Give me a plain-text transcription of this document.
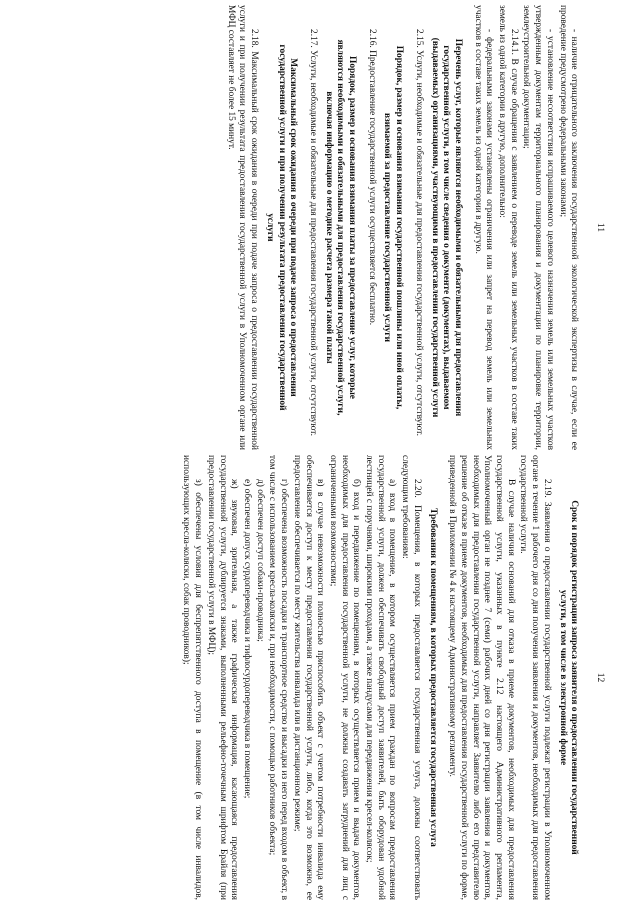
11

- наличие отрицательного заключения государственной экологической экспертизы в случае, если ее проведение предусмотрено федеральными законами;

- установление несоответствия испрашиваемого целевого назначения земель или земельных участков утвержденным документам территориального планирования и документации по планировке территории, землеустроительной документации;

2.14.1. В случае обращения с заявлением о переводе земель или земельных участков в составе таких земель из одной категории в другую, дополнительно:

- федеральными законами установлены ограничения или запрет на перевод земель или земельных участков в составе таких земель из одной категории в другую.

Перечень услуг, которые являются необходимыми и обязательными для предоставления государственной услуги, в том числе сведения о документе (документах), выдаваемом (выдаваемых) организациями, участвующими в предоставлении государственной услуги

2.15. Услуги, необходимые и обязательные для предоставления государственной услуги, отсутствуют.

Порядок, размер и основания взимания государственной пошлины или иной оплаты, взимаемой за предоставление государственной услуги

2.16. Предоставление государственной услуги осуществляется бесплатно.

Порядок, размер и основания взимания платы за предоставление услуг, которые являются необходимыми и обязательными для предоставления государственной услуги, включая информацию о методике расчета размера такой платы

2.17. Услуги, необходимые и обязательные для предоставления государственной услуги, отсутствуют.

Максимальный срок ожидания в очереди при подаче запроса о предоставлении государственной услуги и при получении результата предоставления государственной услуги

2.18. Максимальный срок ожидания в очереди при подаче запроса о предоставлении государственной услуги и при получении результата предоставления государственной услуги в Уполномоченном органе или МФЦ составляет не более 15 минут.

12
Срок и порядок регистрации запроса заявителя о предоставлении государственной услуги, в том числе в электронной форме

2.19. Заявления о предоставлении государственной услуги подлежат регистрации в Уполномоченном органе в течение 1 рабочего дня со дня получения заявления и документов, необходимых для предоставления государственной услуги.

В случае наличия оснований для отказа в приеме документов, необходимых для предоставления государственной услуги, указанных в пункте 2.12 настоящего Административного регламента, Уполномоченный орган не позднее 7 (семи) рабочих дней со дня регистрации заявления и документов, необходимых для предоставления государственной услуги, направляет Заявителю либо его представителю решение об отказе в приеме документов, необходимых для предоставления государственной услуги по форме, приведенной в Приложении № 4 к настоящему Административному регламенту.

Требования к помещениям, в которых предоставляется государственная услуга

2.20. Помещения, в которых предоставляется государственная услуга, должны соответствовать следующим требованиям:

а) вход в помещение, в котором осуществляется прием граждан по вопросам предоставления государственной услуги, должен обеспечивать свободный доступ заявителей, быть оборудован удобной лестницей с поручнями, широкими проходами, а также пандусами для передвижения кресел-колясок;

б) вход и передвижение по помещениям, в которых осуществляется прием и выдача документов, необходимых для предоставления государственной услуги, не должны создавать затруднений для лиц с ограниченными возможностями;

в) в случае невозможности полностью приспособить объект с учетом потребности инвалида ему обеспечивается доступ к месту предоставления государственной услуги, либо, когда это возможно, ее предоставление обеспечивается по месту жительства инвалида или в дистанционном режиме;

г) обеспечена возможность посадки в транспортное средство и высадки из него перед входом в объект, в том числе с использованием кресла-коляски и, при необходимости, с помощью работников объекта;

д) обеспечен доступ собаки-проводника;

е) обеспечен допуск сурдопереводчика и тифлосурдопереводчика в помещение;

ж) звуковая, зрительная, а также графическая информация, касающаяся предоставления государственной услуги, дублируется знаками, выполненными рельефно-точечным шрифтом Брайля (при предоставлении государственной услуги в МФЦ);

з) обеспечены условия для беспрепятственного доступа в помещение (в том числе инвалидов, использующих кресла-коляски, собак проводников);
